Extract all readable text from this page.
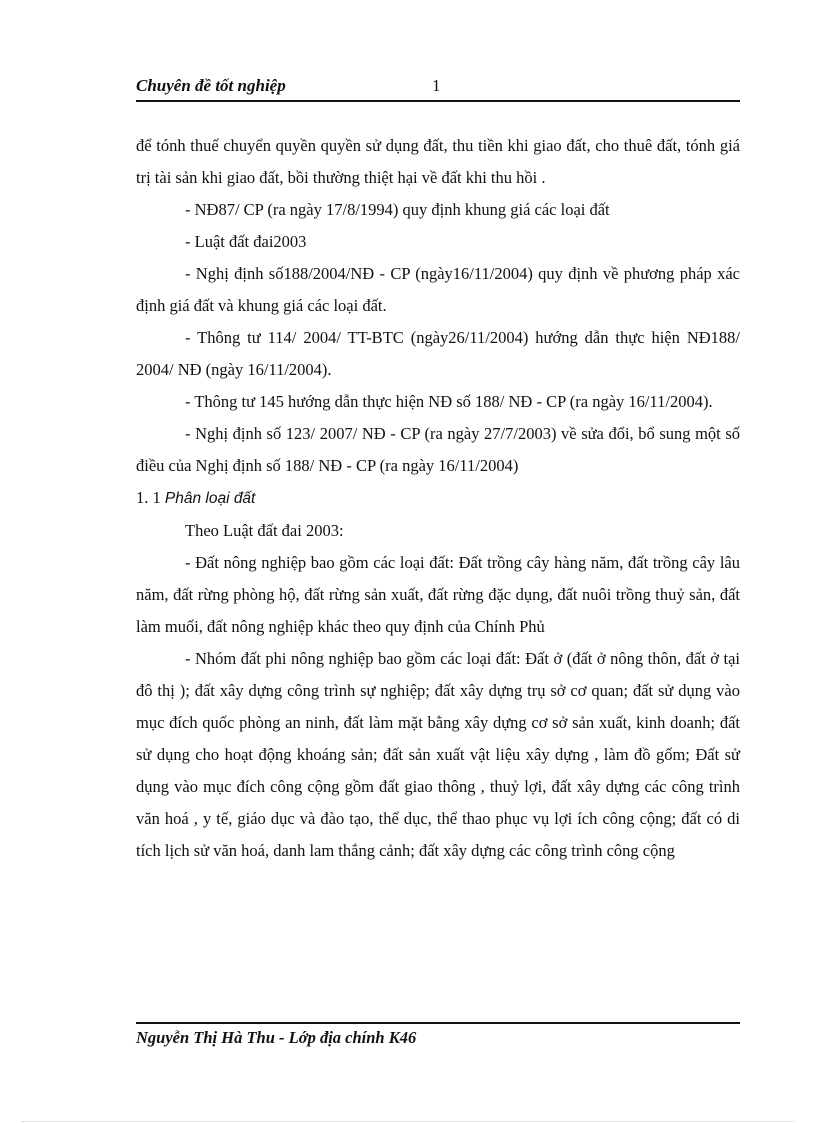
Chuyên đề tốt nghiệp	1

để tónh thuế chuyển quyền quyền sử dụng đất, thu tiền khi giao đất, cho thuê đất, tónh giá trị tài sản khi giao đất, bồi thường thiệt hại về đất khi thu hồi .

- NĐ87/ CP (ra ngày 17/8/1994) quy định khung giá các loại đất

- Luật đất đai2003

- Nghị định số188/2004/NĐ - CP (ngày16/11/2004) quy định về phương pháp xác định giá đất và khung giá các loại đất.

- Thông tư 114/ 2004/ TT-BTC (ngày26/11/2004) hướng dẫn thực hiện NĐ188/ 2004/ NĐ (ngày 16/11/2004).

- Thông tư 145 hướng dẫn thực hiện NĐ số 188/ NĐ - CP (ra ngày 16/11/2004).

- Nghị định số 123/ 2007/ NĐ - CP (ra ngày 27/7/2003) về sửa đổi, bổ sung một số điều của Nghị định số 188/ NĐ - CP (ra ngày 16/11/2004)

1. 1 Phân loại đất

Theo Luật đất đai 2003:

- Đất nông nghiệp bao gồm các loại đất: Đất trồng cây hàng năm, đất trồng cây lâu năm, đất rừng phòng hộ, đất rừng sản xuất, đất rừng đặc dụng, đất nuôi trồng thuỷ sản, đất làm muối, đất nông nghiệp khác theo quy định của Chính Phủ

- Nhóm đất phi nông nghiệp bao gồm các loại đất: Đất ở (đất ở nông thôn, đất ở tại đô thị ); đất xây dựng công trình sự nghiệp; đất xây dựng trụ sở cơ quan; đất sử dụng vào mục đích quốc phòng an ninh, đất làm mặt bằng xây dựng cơ sở sản xuất, kinh doanh; đất sử dụng cho hoạt động khoáng sản; đất sản xuất vật liệu xây dựng , làm đồ gốm; Đất sử dụng vào mục đích công cộng gồm đất giao thông , thuỷ lợi, đất xây dựng các công trình văn hoá , y tế, giáo dục và đào tạo, thể dục, thể thao phục vụ lợi ích công cộng; đất có di tích lịch sử văn hoá, danh lam thắng cảnh; đất xây dựng các công trình công cộng

Nguyễn Thị Hà Thu - Lớp địa chính K46
